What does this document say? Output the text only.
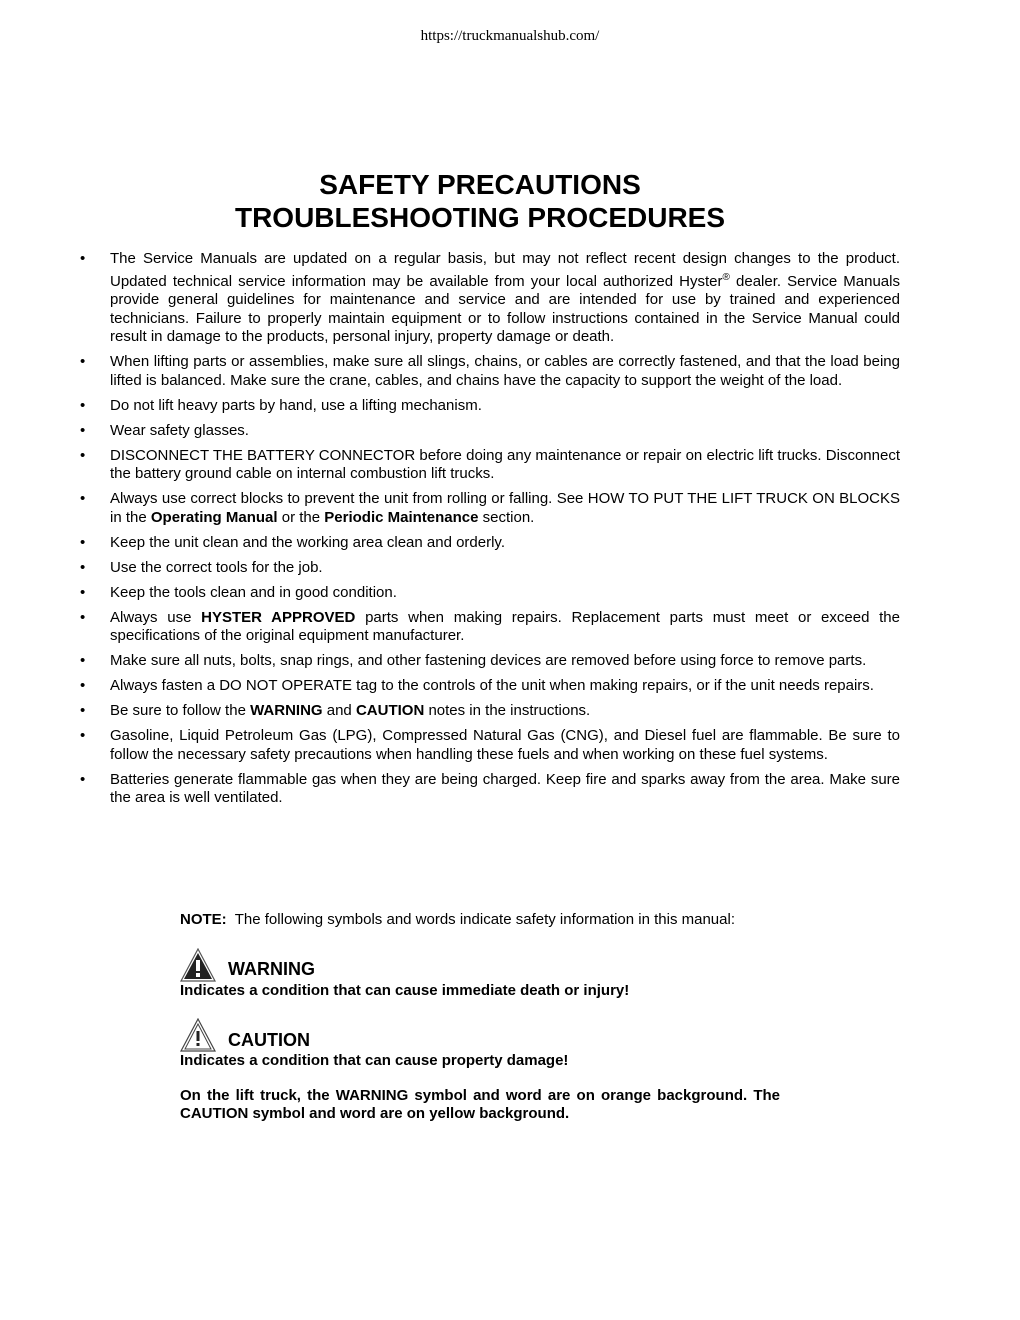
https://truckmanualshub.com/
SAFETY PRECAUTIONS
TROUBLESHOOTING PROCEDURES
• The Service Manuals are updated on a regular basis, but may not reflect recent design changes to the product. Updated technical service information may be available from your local authorized Hyster® dealer. Service Manuals provide general guidelines for maintenance and service and are intended for use by trained and experienced technicians. Failure to properly maintain equipment or to follow instructions contained in the Service Manual could result in damage to the products, personal injury, property damage or death.
• When lifting parts or assemblies, make sure all slings, chains, or cables are correctly fastened, and that the load being lifted is balanced. Make sure the crane, cables, and chains have the capacity to support the weight of the load.
• Do not lift heavy parts by hand, use a lifting mechanism.
• Wear safety glasses.
• DISCONNECT THE BATTERY CONNECTOR before doing any maintenance or repair on electric lift trucks. Disconnect the battery ground cable on internal combustion lift trucks.
• Always use correct blocks to prevent the unit from rolling or falling. See HOW TO PUT THE LIFT TRUCK ON BLOCKS in the Operating Manual or the Periodic Maintenance section.
• Keep the unit clean and the working area clean and orderly.
• Use the correct tools for the job.
• Keep the tools clean and in good condition.
• Always use HYSTER APPROVED parts when making repairs. Replacement parts must meet or exceed the specifications of the original equipment manufacturer.
• Make sure all nuts, bolts, snap rings, and other fastening devices are removed before using force to remove parts.
• Always fasten a DO NOT OPERATE tag to the controls of the unit when making repairs, or if the unit needs repairs.
• Be sure to follow the WARNING and CAUTION notes in the instructions.
• Gasoline, Liquid Petroleum Gas (LPG), Compressed Natural Gas (CNG), and Diesel fuel are flammable. Be sure to follow the necessary safety precautions when handling these fuels and when working on these fuel systems.
• Batteries generate flammable gas when they are being charged. Keep fire and sparks away from the area. Make sure the area is well ventilated.
NOTE: The following symbols and words indicate safety information in this manual:
WARNING
Indicates a condition that can cause immediate death or injury!
CAUTION
Indicates a condition that can cause property damage!
On the lift truck, the WARNING symbol and word are on orange background. The CAUTION symbol and word are on yellow background.
